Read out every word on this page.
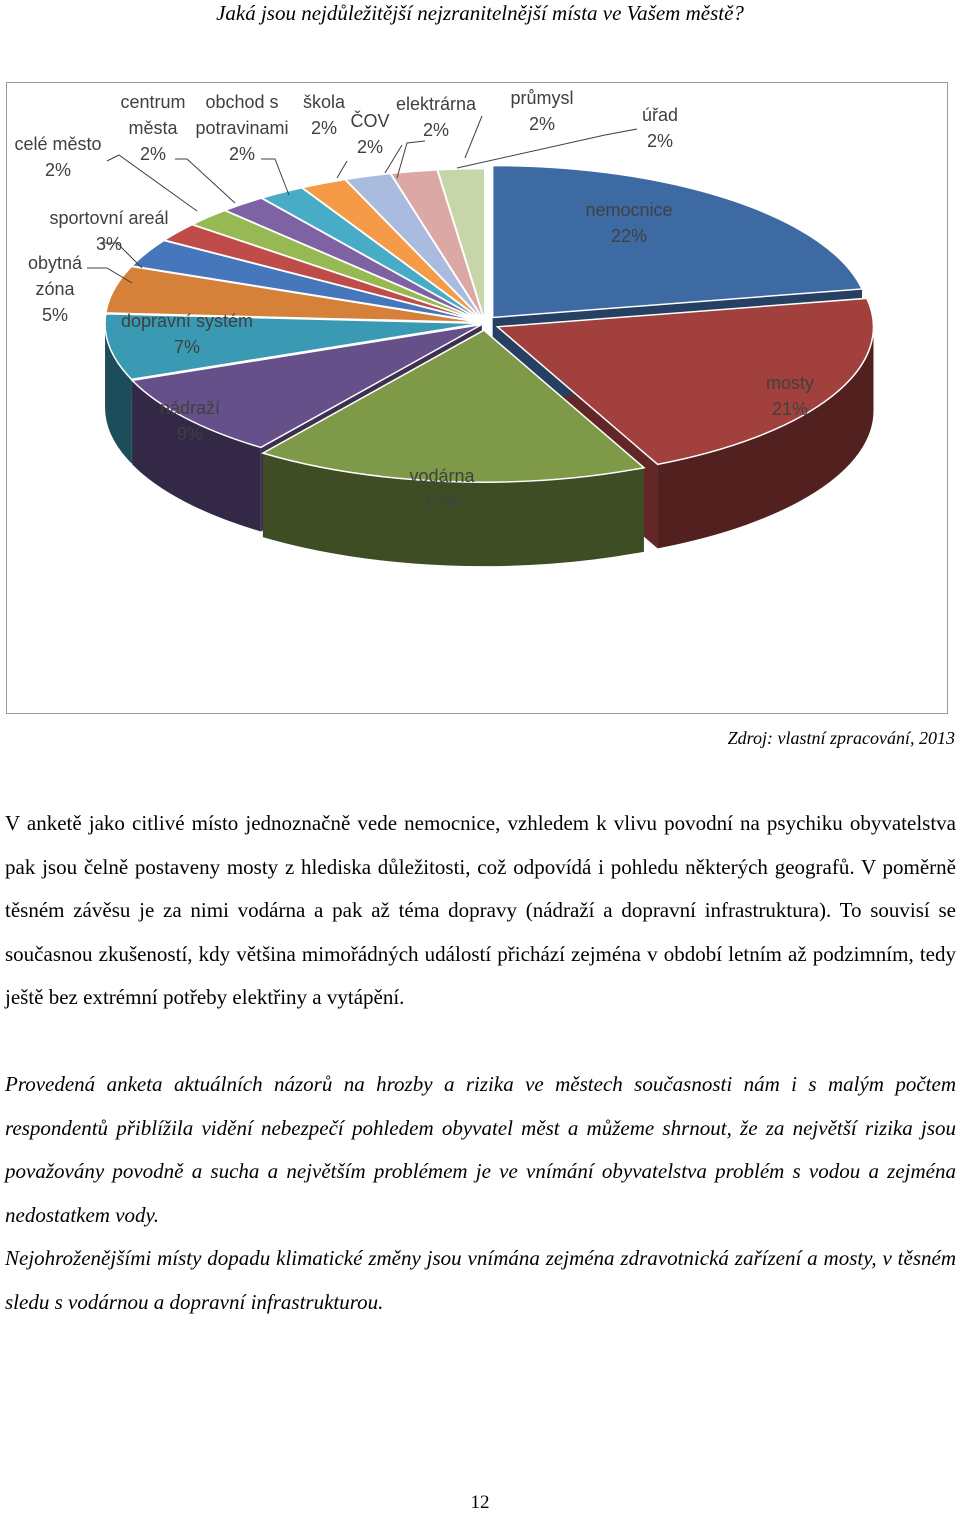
Jaká jsou nejdůležitější nejzranitelnější místa ve Vašem městě?
nemocnice 22%
mosty 21%
vodárna 17%
nádraží 9%
dopravní systém 7%
obytná zóna 5%
sportovní areál 3%
celé město 2%
centrum města 2%
obchod s potravinami 2%
škola 2% ČOV 2%
elektrárna 2%
průmysl 2%	úřad 2%
Zdroj: vlastní zpracování, 2013

V anketě jako citlivé místo jednoznačně vede nemocnice, vzhledem k vlivu povodní na psychiku obyvatelstva pak jsou čelně postaveny mosty z hlediska důležitosti, což odpovídá i pohledu některých geografů. V poměrně těsném závěsu je za nimi vodárna a pak až téma dopravy (nádraží a dopravní infrastruktura). To souvisí se současnou zkušeností, kdy většina mimořádných událostí přichází zejména v období letním až podzimním, tedy ještě bez extrémní potřeby elektřiny a vytápění.

Provedená anketa aktuálních názorů na hrozby a rizika ve městech současnosti nám i s malým počtem respondentů přiblížila vidění nebezpečí pohledem obyvatel měst a můžeme shrnout, že za největší rizika jsou považovány povodně a sucha a největším problémem je ve vnímání obyvatelstva problém s vodou a zejména nedostatkem vody.

Nejohroženějšími místy dopadu klimatické změny jsou vnímána zejména zdravotnická zařízení a mosty, v těsném sledu s vodárnou a dopravní infrastrukturou.

12
